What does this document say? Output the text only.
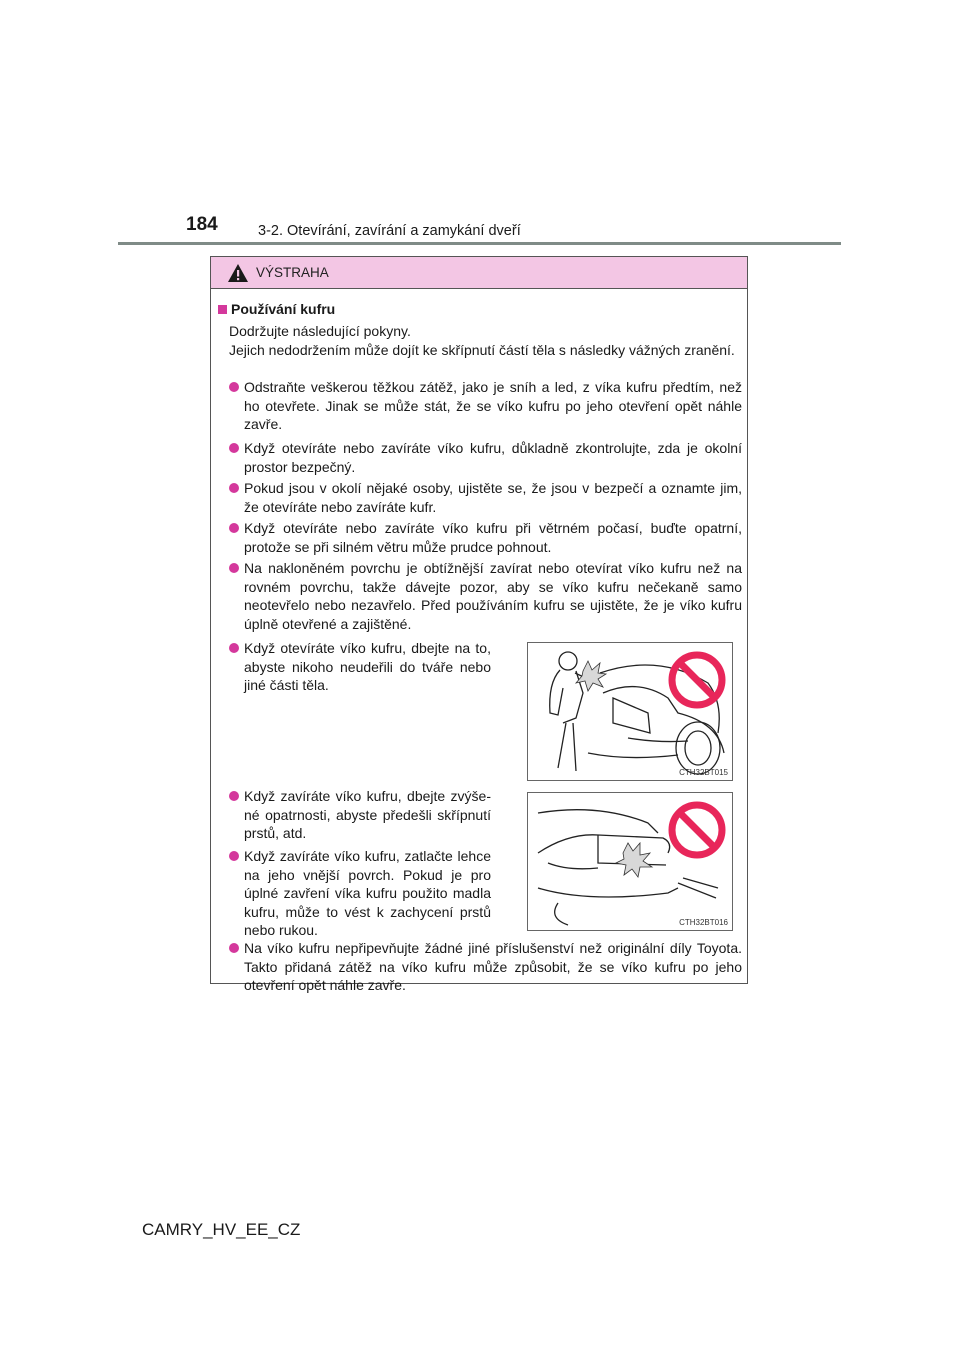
184	3-2. Otevírání, zavírání a zamykání dveří
VÝSTRAHA
Používání kufru
Dodržujte následující pokyny.
Jejich nedodržením může dojít ke skřípnutí částí těla s následky vážných zranění.
Odstraňte veškerou těžkou zátěž, jako je sníh a led, z víka kufru předtím, než ho otevřete. Jinak se může stát, že se víko kufru po jeho otevření opět náhle zavře.
Když otevíráte nebo zavíráte víko kufru, důkladně zkontrolujte, zda je okolní prostor bezpečný.
Pokud jsou v okolí nějaké osoby, ujistěte se, že jsou v bezpečí a oznamte jim, že otevíráte nebo zavíráte kufr.
Když otevíráte nebo zavíráte víko kufru při větrném počasí, buďte opatrní, protože se při silném větru může prudce pohnout.
Na nakloněném povrchu je obtížnější zavírat nebo otevírat víko kufru než na rovném povrchu, takže dávejte pozor, aby se víko kufru nečekaně samo neotevřelo nebo nezavřelo. Před používáním kufru se ujistěte, že je víko kufru úplně otevřené a zajištěné.
Když otevíráte víko kufru, dbejte na to, abyste nikoho neudeřili do tváře nebo jiné části těla.
CTH32BT015
Když zavíráte víko kufru, dbejte zvýše-né opatrnosti, abyste předešli skřípnutí prstů, atd.
Když zavíráte víko kufru, zatlačte lehce na jeho vnější povrch. Pokud je pro úplné zavření víka kufru použito madla kufru, může to vést k zachycení prstů nebo rukou.	CTH32BT016
Na víko kufru nepřipevňujte žádné jiné příslušenství než originální díly Toyota. Takto přidaná zátěž na víko kufru může způsobit, že se víko kufru po jeho otevření opět náhle zavře.
CAMRY_HV_EE_CZ
